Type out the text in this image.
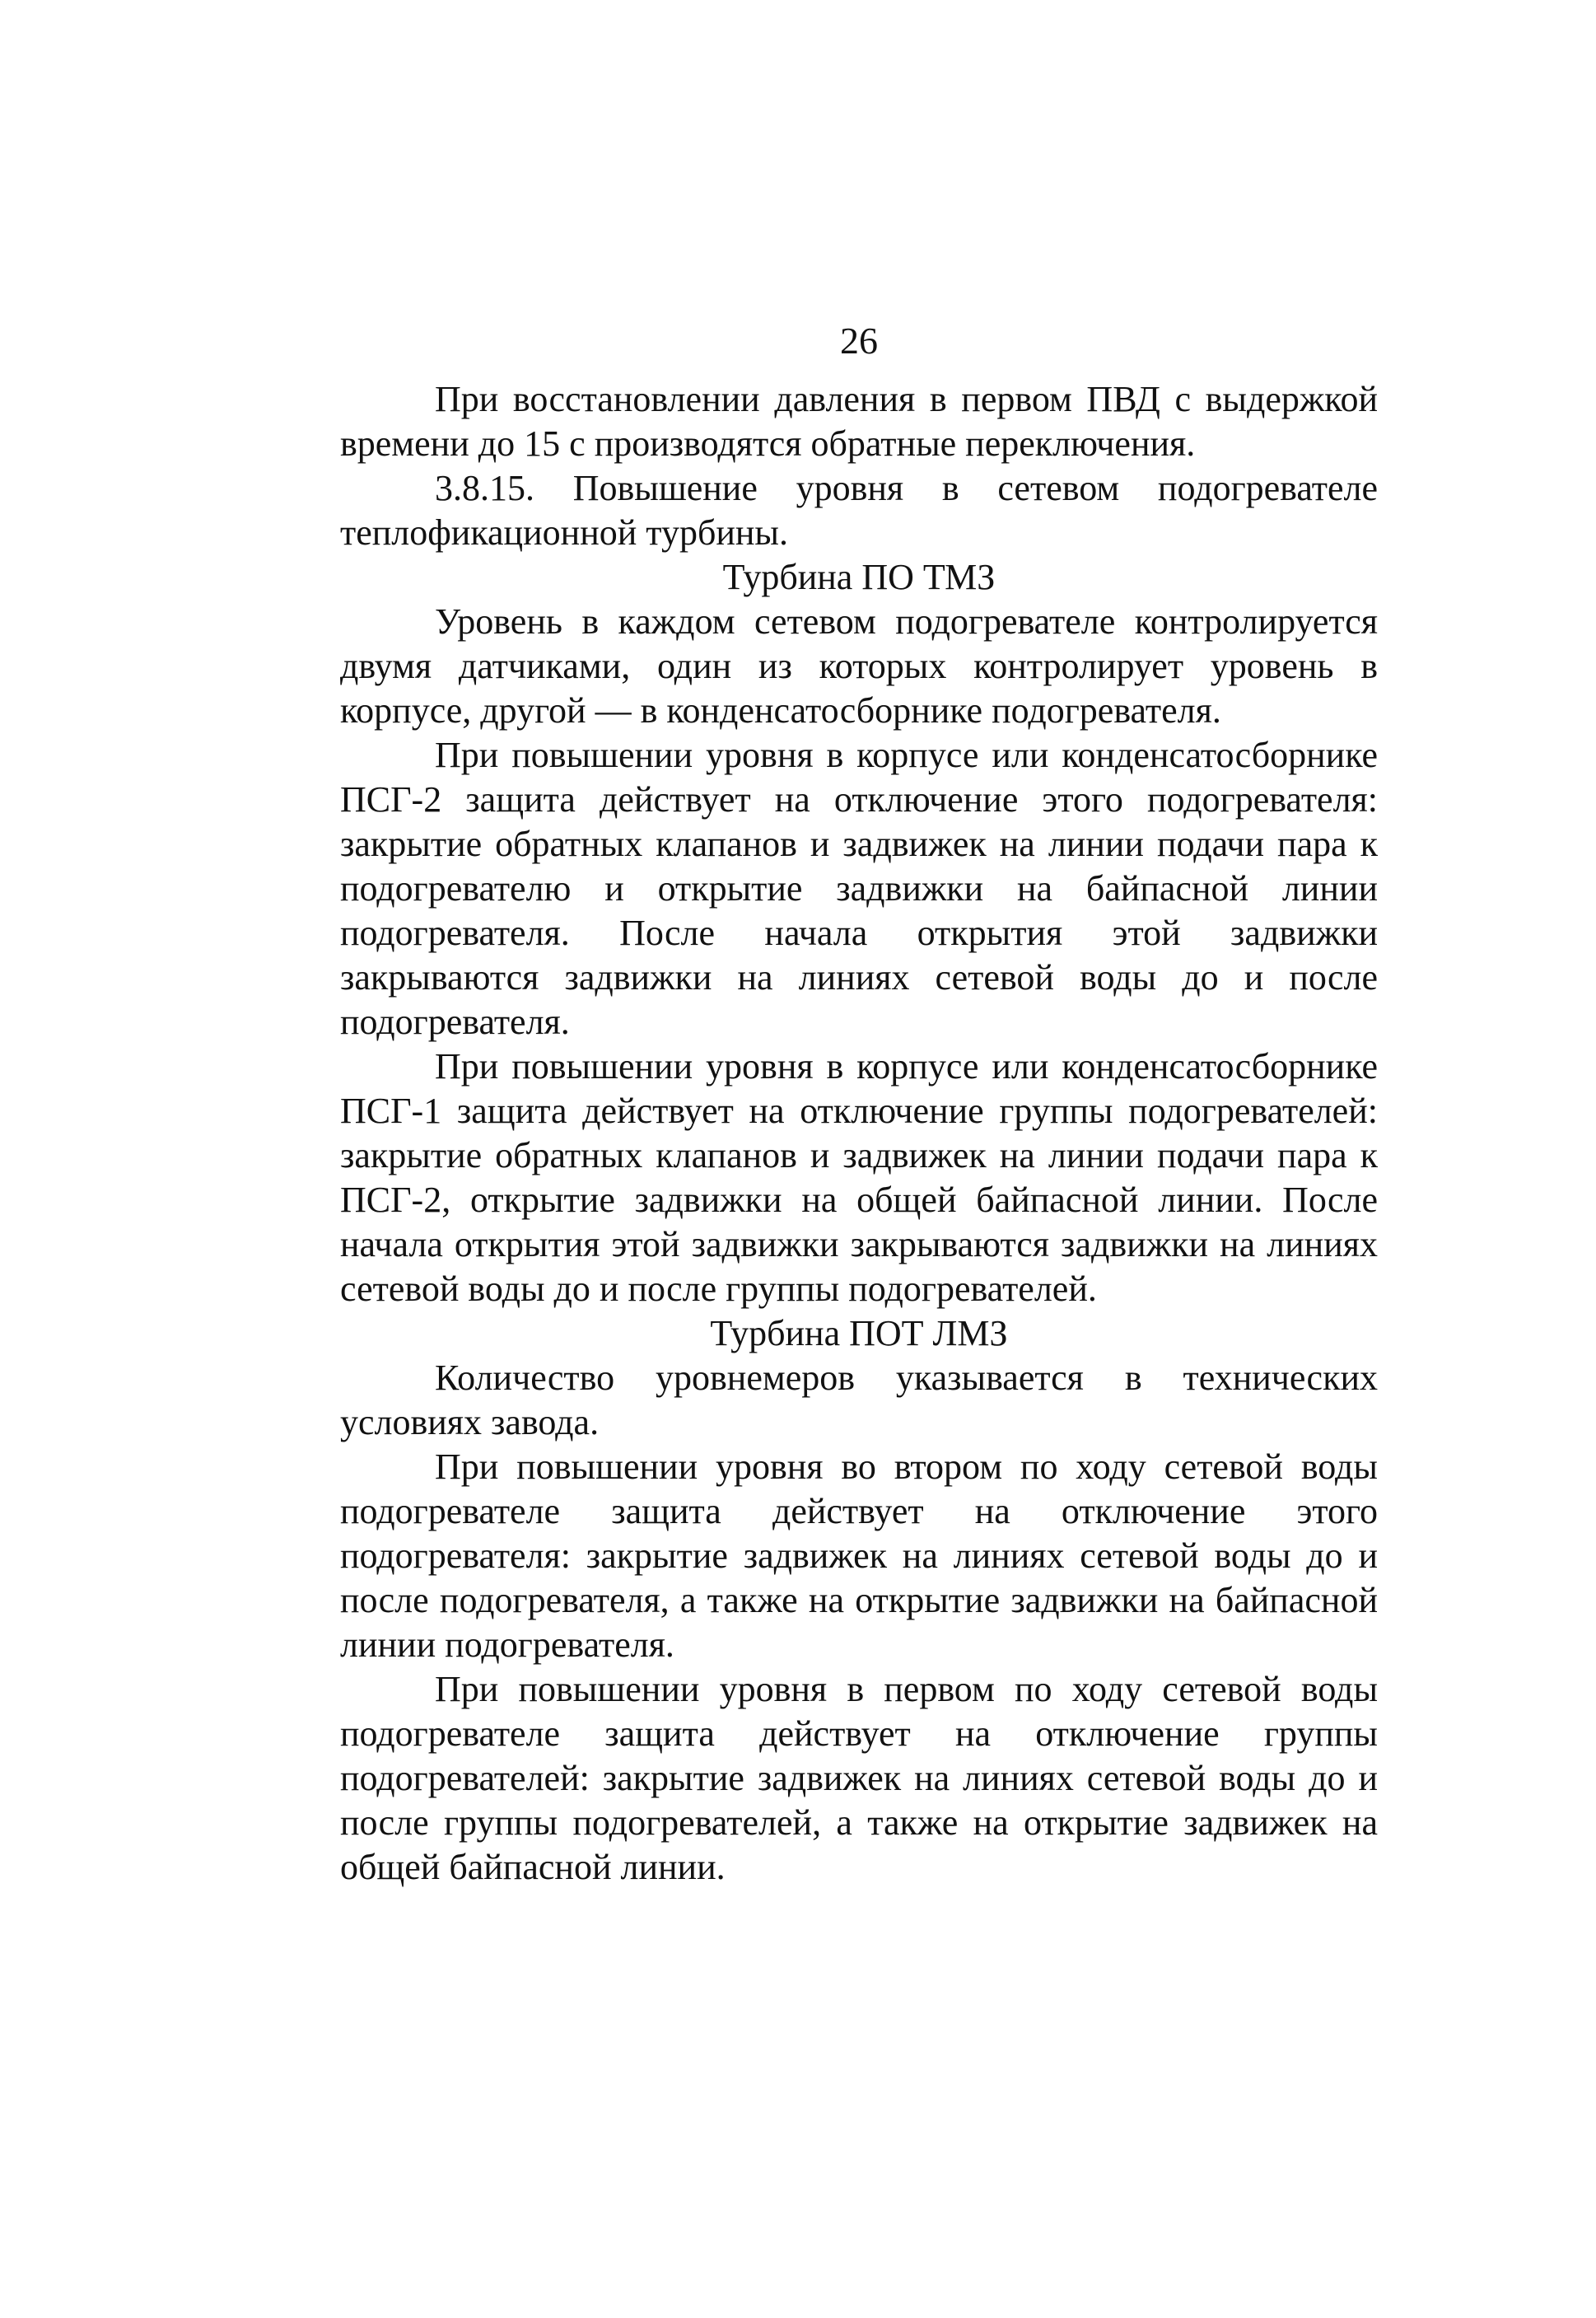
26

При восстановлении давления в первом ПВД с выдержкой времени до 15 с производятся обратные переключения.

3.8.15. Повышение уровня в сетевом подогревателе теплофикационной турбины.

Турбина ПО ТМЗ

Уровень в каждом сетевом подогревателе контролируется двумя датчиками, один из которых контролирует уровень в корпусе, другой — в конденсатосборнике подогревателя.

При повышении уровня в корпусе или конденсатосборнике ПСГ-2 защита действует на отключение этого подогревателя: закрытие обратных клапанов и задвижек на линии подачи пара к подогревателю и открытие задвижки на байпасной линии подогревателя. После начала открытия этой задвижки закрываются задвижки на линиях сетевой воды до и после подогревателя.

При повышении уровня в корпусе или конденсатосборнике ПСГ-1 защита действует на отключение группы подогревателей: закрытие обратных клапанов и задвижек на линии подачи пара к ПСГ-2, открытие задвижки на общей байпасной линии. После начала открытия этой задвижки закрываются задвижки на линиях сетевой воды до и после группы подогревателей.

Турбина ПОТ ЛМЗ

Количество уровнемеров указывается в технических условиях завода.

При повышении уровня во втором по ходу сетевой воды подогревателе защита действует на отключение этого подогревателя: закрытие задвижек на линиях сетевой воды до и после подогревателя, а также на открытие задвижки на байпасной линии подогревателя.

При повышении уровня в первом по ходу сетевой воды подогревателе защита действует на отключение группы подогревателей: закрытие задвижек на линиях сетевой воды до и после группы подогревателей, а также на открытие задвижек на общей байпасной линии.
